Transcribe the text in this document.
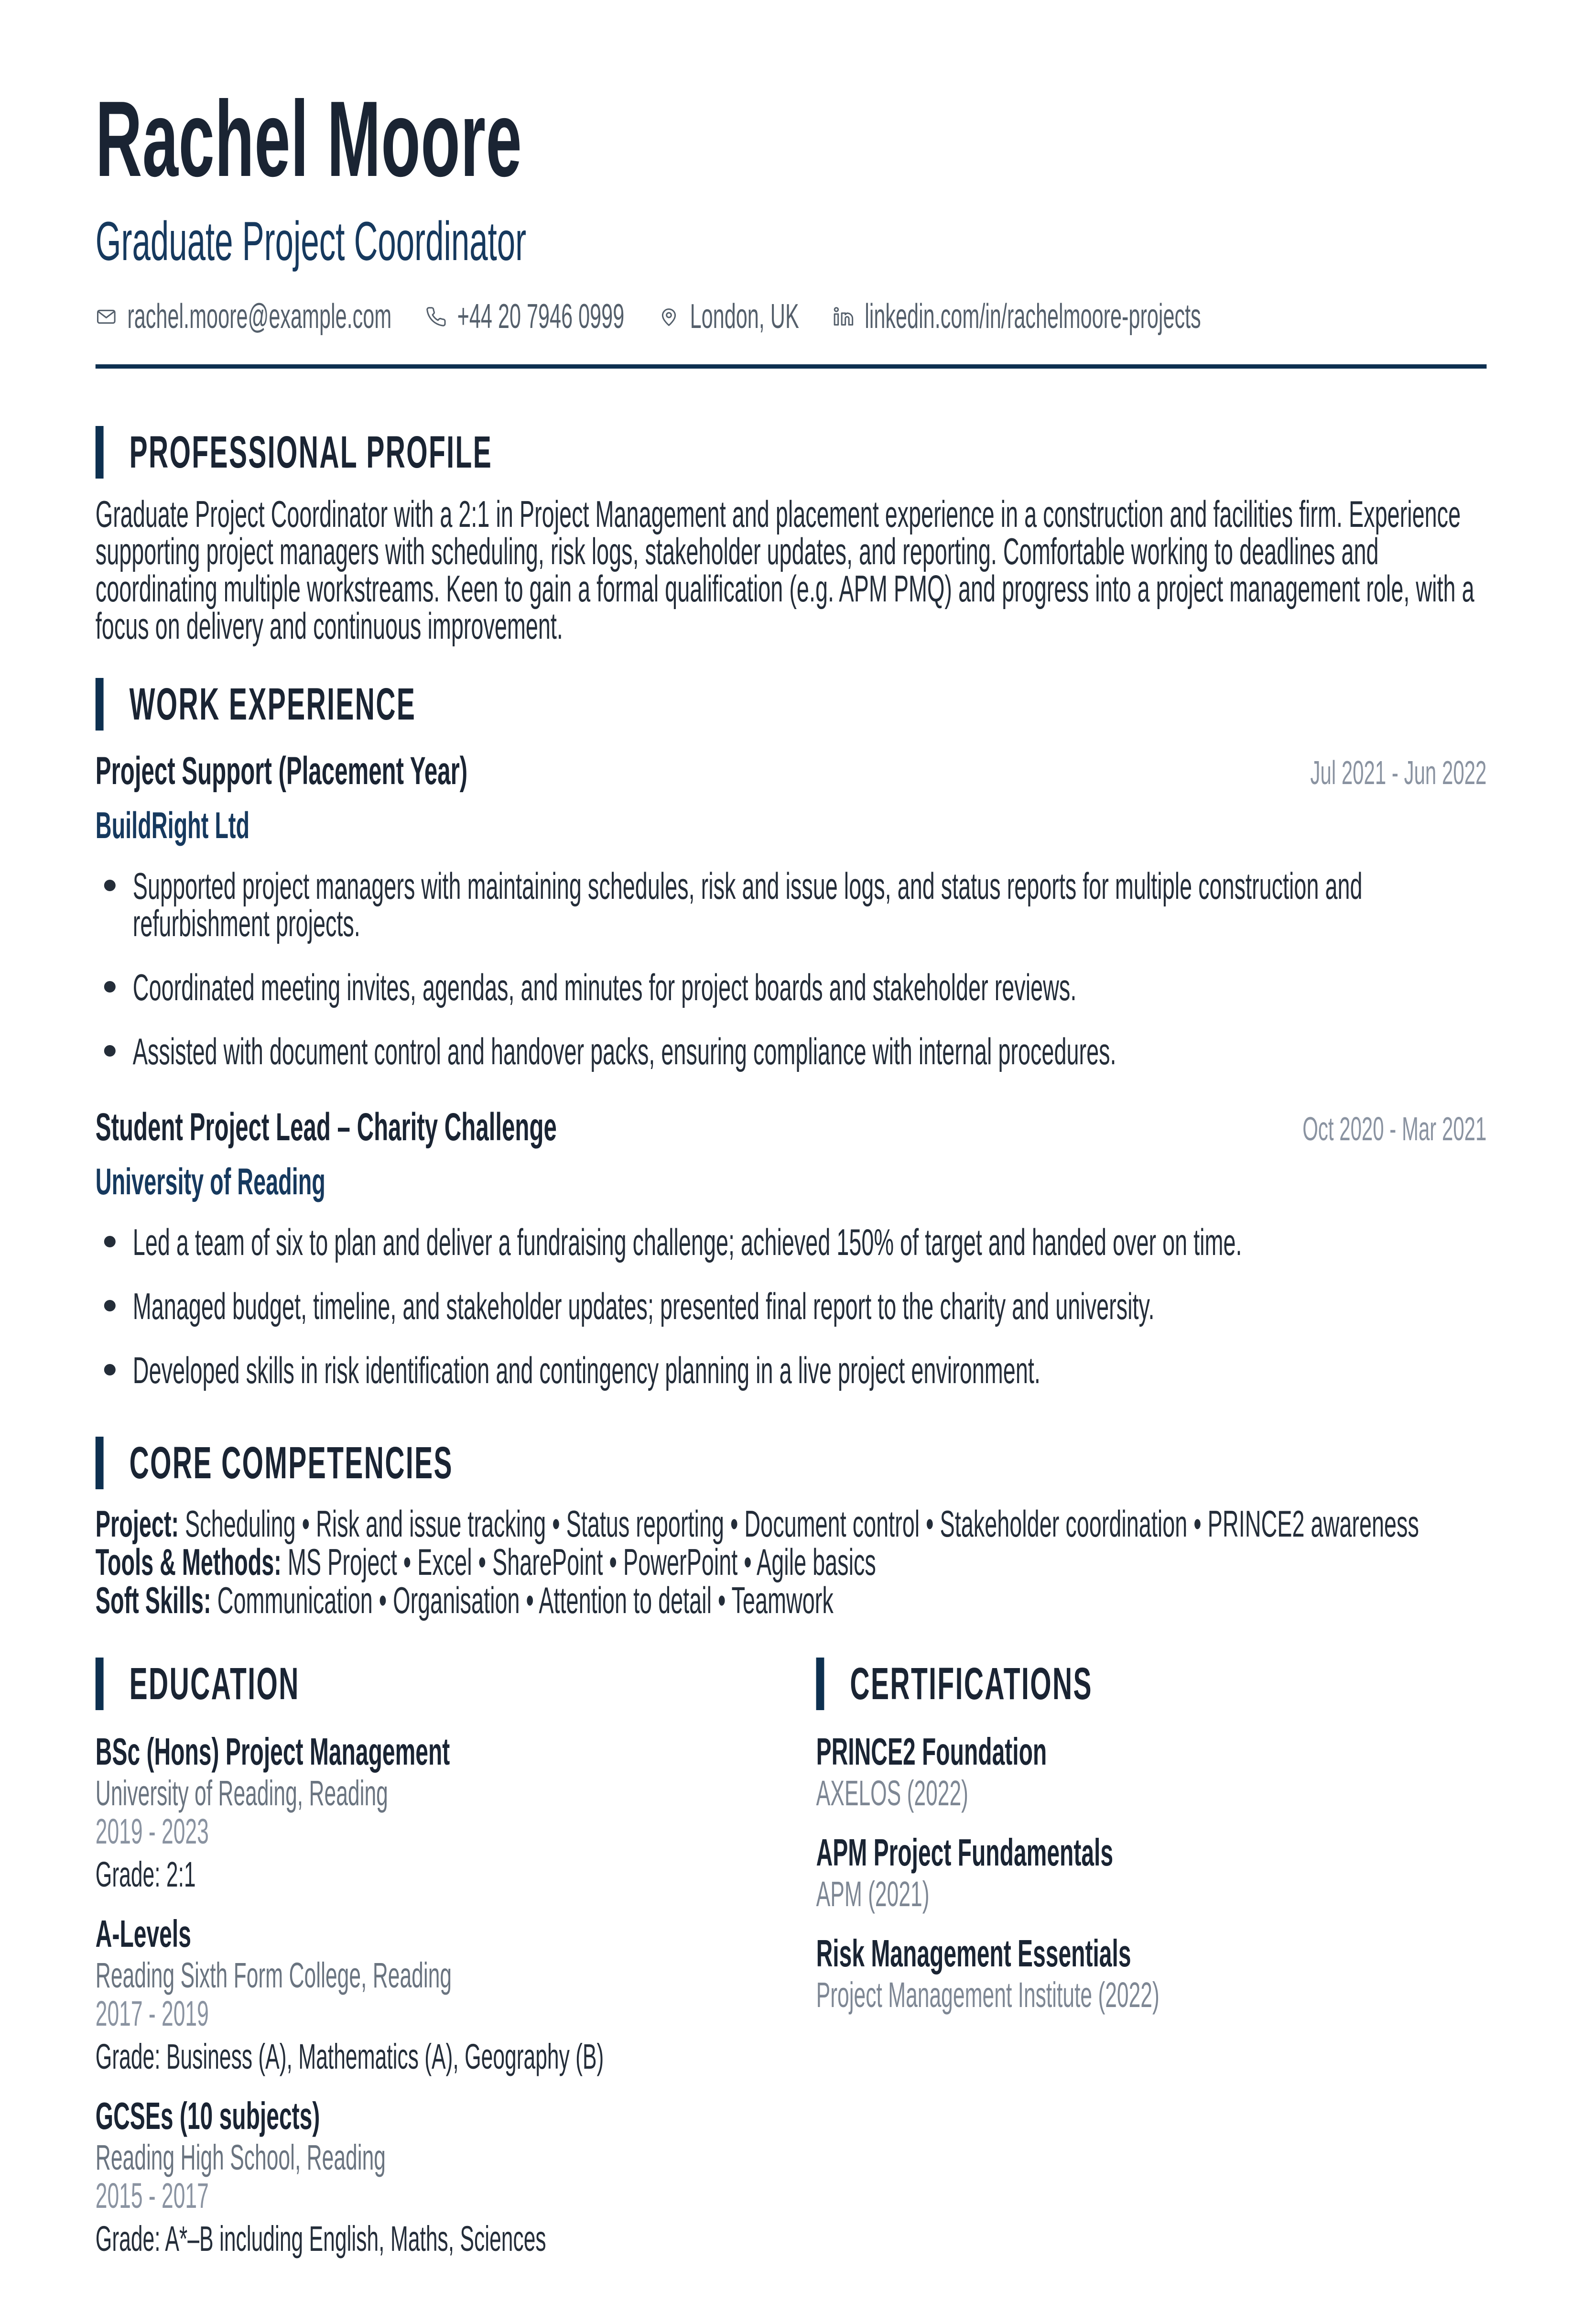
Rachel Moore
Graduate Project Coordinator
rachel.moore@example.com +44 20 7946 0999 London, UK linkedin.com/in/rachelmoore-projects
PROFESSIONAL PROFILE

Graduate Project Coordinator with a 2:1 in Project Management and placement experience in a construction and facilities firm. Experience supporting project managers with scheduling, risk logs, stakeholder updates, and reporting. Comfortable working to deadlines and coordinating multiple workstreams. Keen to gain a formal qualification (e.g. APM PMQ) and progress into a project management role, with a focus on delivery and continuous improvement.

WORK EXPERIENCE
Project Support (Placement Year)	Jul 2021 - Jun 2022
BuildRight Ltd
Supported project managers with maintaining schedules, risk and issue logs, and status reports for multiple construction and refurbishment projects.
Coordinated meeting invites, agendas, and minutes for project boards and stakeholder reviews.
Assisted with document control and handover packs, ensuring compliance with internal procedures.
Student Project Lead – Charity Challenge	Oct 2020 - Mar 2021
University of Reading
Led a team of six to plan and deliver a fundraising challenge; achieved 150% of target and handed over on time.
Managed budget, timeline, and stakeholder updates; presented final report to the charity and university.
Developed skills in risk identification and contingency planning in a live project environment.
CORE COMPETENCIES
Project: Scheduling • Risk and issue tracking • Status reporting • Document control • Stakeholder coordination • PRINCE2 awareness
Tools & Methods: MS Project • Excel • SharePoint • PowerPoint • Agile basics
Soft Skills: Communication • Organisation • Attention to detail • Teamwork
EDUCATION
BSc (Hons) Project Management
University of Reading, Reading
2019 - 2023
Grade: 2:1
A-Levels
Reading Sixth Form College, Reading
2017 - 2019
Grade: Business (A), Mathematics (A), Geography (B)
GCSEs (10 subjects)
Reading High School, Reading
2015 - 2017
Grade: A*–B including English, Maths, Sciences
CERTIFICATIONS
PRINCE2 Foundation
AXELOS (2022)
APM Project Fundamentals
APM (2021)
Risk Management Essentials
Project Management Institute (2022)
